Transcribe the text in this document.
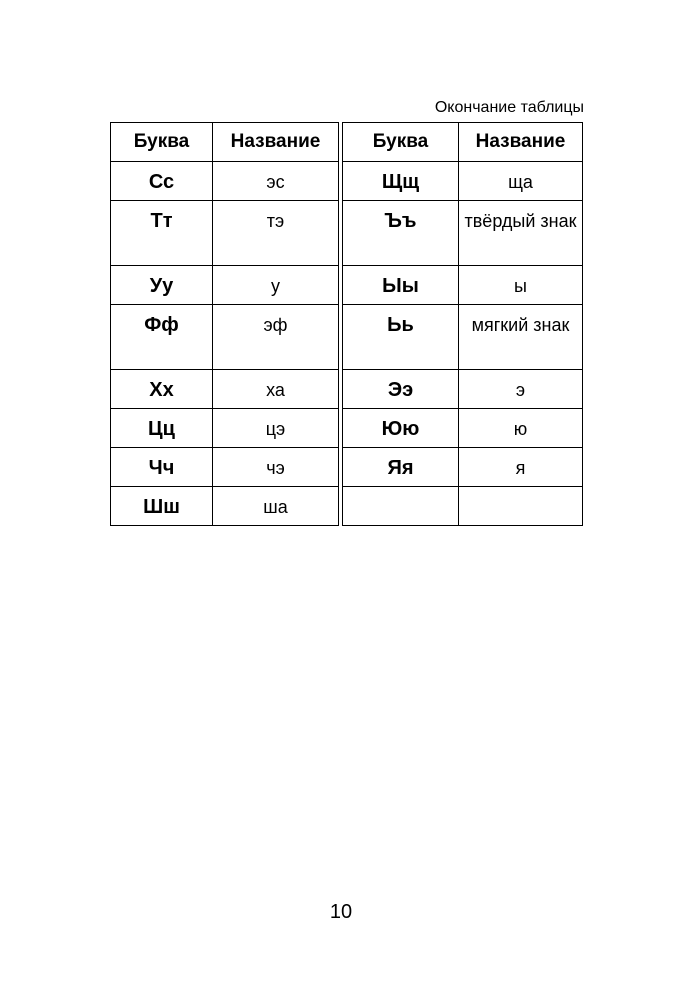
Окончание таблицы
Буква	Название		Буква	Название
Сс	эс		Щщ	ща
Тт	тэ		Ъъ	твёрдый знак
Уу	у		Ыы	ы
Фф	эф		Ьь	мягкий знак
Хх	ха		Ээ	э
Цц	цэ		Юю	ю
Чч	чэ		Яя	я
Шш	ша			
10
